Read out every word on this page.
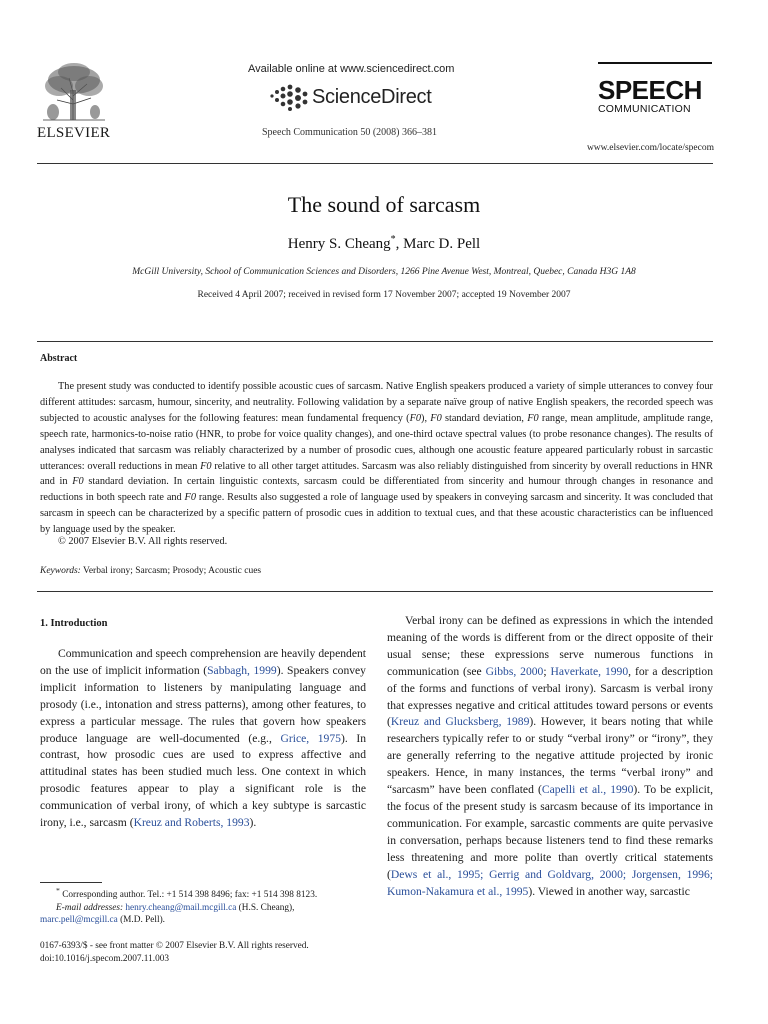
ELSEVIER
Available online at www.sciencedirect.com
ScienceDirect
Speech Communication 50 (2008) 366–381
SPEECH
COMMUNICATION
www.elsevier.com/locate/specom
The sound of sarcasm
Henry S. Cheang*, Marc D. Pell
McGill University, School of Communication Sciences and Disorders, 1266 Pine Avenue West, Montreal, Quebec, Canada H3G 1A8
Received 4 April 2007; received in revised form 17 November 2007; accepted 19 November 2007
Abstract
The present study was conducted to identify possible acoustic cues of sarcasm. Native English speakers produced a variety of simple utterances to convey four different attitudes: sarcasm, humour, sincerity, and neutrality. Following validation by a separate naïve group of native English speakers, the recorded speech was subjected to acoustic analyses for the following features: mean fundamental frequency (F0), F0 standard deviation, F0 range, mean amplitude, amplitude range, speech rate, harmonics-to-noise ratio (HNR, to probe for voice quality changes), and one-third octave spectral values (to probe resonance changes). The results of analyses indicated that sarcasm was reliably characterized by a number of prosodic cues, although one acoustic feature appeared particularly robust in sarcastic utterances: overall reductions in mean F0 relative to all other target attitudes. Sarcasm was also reliably distinguished from sincerity by overall reductions in HNR and in F0 standard deviation. In certain linguistic contexts, sarcasm could be differentiated from sincerity and humour through changes in resonance and reductions in both speech rate and F0 range. Results also suggested a role of language used by speakers in conveying sarcasm and sincerity. It was concluded that sarcasm in speech can be characterized by a specific pattern of prosodic cues in addition to textual cues, and that these acoustic characteristics can be influenced by language used by the speaker.
© 2007 Elsevier B.V. All rights reserved.
Keywords: Verbal irony; Sarcasm; Prosody; Acoustic cues
1. Introduction
Communication and speech comprehension are heavily dependent on the use of implicit information (Sabbagh, 1999). Speakers convey implicit information to listeners by manipulating language and prosody (i.e., intonation and stress patterns), among other features, to express a particular message. The rules that govern how speakers produce language are well-documented (e.g., Grice, 1975). In contrast, how prosodic cues are used to express affective and attitudinal states has been studied much less. One context in which prosodic features appear to play a significant role is the communication of verbal irony, of which a key subtype is sarcastic irony, i.e., sarcasm (Kreuz and Roberts, 1993).
Verbal irony can be defined as expressions in which the intended meaning of the words is different from or the direct opposite of their usual sense; these expressions serve numerous functions in communication (see Gibbs, 2000; Haverkate, 1990, for a description of the forms and functions of verbal irony). Sarcasm is verbal irony that expresses negative and critical attitudes toward persons or events (Kreuz and Glucksberg, 1989). However, it bears noting that while researchers typically refer to or study “verbal irony” or “irony”, they are generally referring to the negative attitude projected by ironic speakers. Hence, in many instances, the terms “verbal irony” and “sarcasm” have been conflated (Capelli et al., 1990). To be explicit, the focus of the present study is sarcasm because of its importance in communication. For example, sarcastic comments are quite pervasive in conversation, perhaps because listeners tend to find these remarks less threatening and more polite than overtly critical statements (Dews et al., 1995; Gerrig and Goldvarg, 2000; Jorgensen, 1996; Kumon-Nakamura et al., 1995). Viewed in another way, sarcastic
* Corresponding author. Tel.: +1 514 398 8496; fax: +1 514 398 8123.
E-mail addresses: henry.cheang@mail.mcgill.ca (H.S. Cheang), marc.pell@mcgill.ca (M.D. Pell).
0167-6393/$ - see front matter © 2007 Elsevier B.V. All rights reserved.
doi:10.1016/j.specom.2007.11.003
